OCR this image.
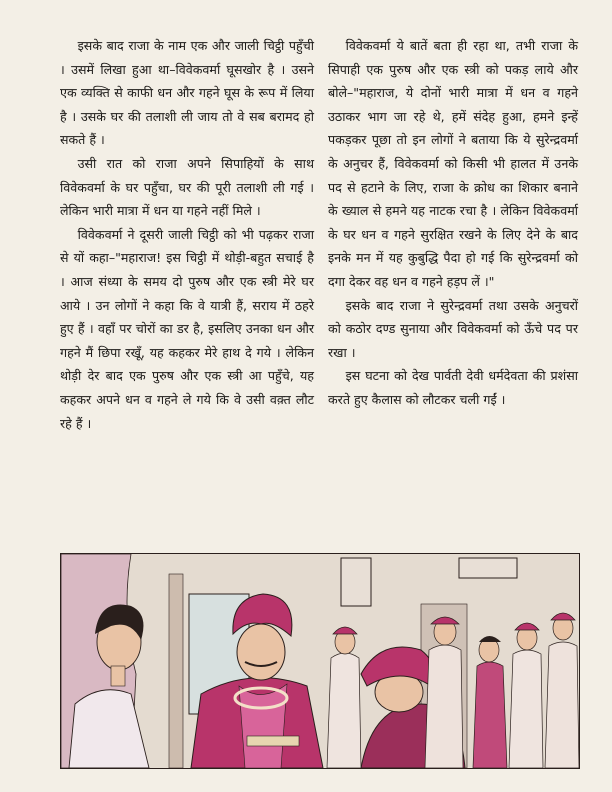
इसके बाद राजा के नाम एक और जाली चिट्ठी पहुँची । उसमें लिखा हुआ था–विवेकवर्मा घूसखोर है । उसने एक व्यक्ति से काफी धन और गहने घूस के रूप में लिया है । उसके घर की तलाशी ली जाय तो वे सब बरामद हो सकते हैं ।

उसी रात को राजा अपने सिपाहियों के साथ विवेकवर्मा के घर पहुँचा, घर की पूरी तलाशी ली गई । लेकिन भारी मात्रा में धन या गहने नहीं मिले ।

विवेकवर्मा ने दूसरी जाली चिट्ठी को भी पढ़कर राजा से यों कहा–"महाराज! इस चिट्ठी में थोड़ी-बहुत सचाई है । आज संध्या के समय दो पुरुष और एक स्त्री मेरे घर आये । उन लोगों ने कहा कि वे यात्री हैं, सराय में ठहरे हुए हैं । वहाँ पर चोरों का डर है, इसलिए उनका धन और गहने मैं छिपा रखूँ, यह कहकर मेरे हाथ दे गये । लेकिन थोड़ी देर बाद एक पुरुष और एक स्त्री आ पहुँचे, यह कहकर अपने धन व गहने ले गये कि वे उसी वक़्त लौट रहे हैं ।

विवेकवर्मा ये बातें बता ही रहा था, तभी राजा के सिपाही एक पुरुष और एक स्त्री को पकड़ लाये और बोले–"महाराज, ये दोनों भारी मात्रा में धन व गहने उठाकर भाग जा रहे थे, हमें संदेह हुआ, हमने इन्हें पकड़कर पूछा तो इन लोगों ने बताया कि ये सुरेन्द्रवर्मा के अनुचर हैं, विवेकवर्मा को किसी भी हालत में उनके पद से हटाने के लिए, राजा के क्रोध का शिकार बनाने के ख्याल से हमने यह नाटक रचा है । लेकिन विवेकवर्मा के घर धन व गहने सुरक्षित रखने के लिए देने के बाद इनके मन में यह कुबुद्धि पैदा हो गई कि सुरेन्द्रवर्मा को दगा देकर वह धन व गहने हड़प लें ।"

इसके बाद राजा ने सुरेन्द्रवर्मा तथा उसके अनुचरों को कठोर दण्ड सुनाया और विवेकवर्मा को ऊँचे पद पर रखा ।

इस घटना को देख पार्वती देवी धर्मदेवता की प्रशंसा करते हुए कैलास को लौटकर चली गईं ।
